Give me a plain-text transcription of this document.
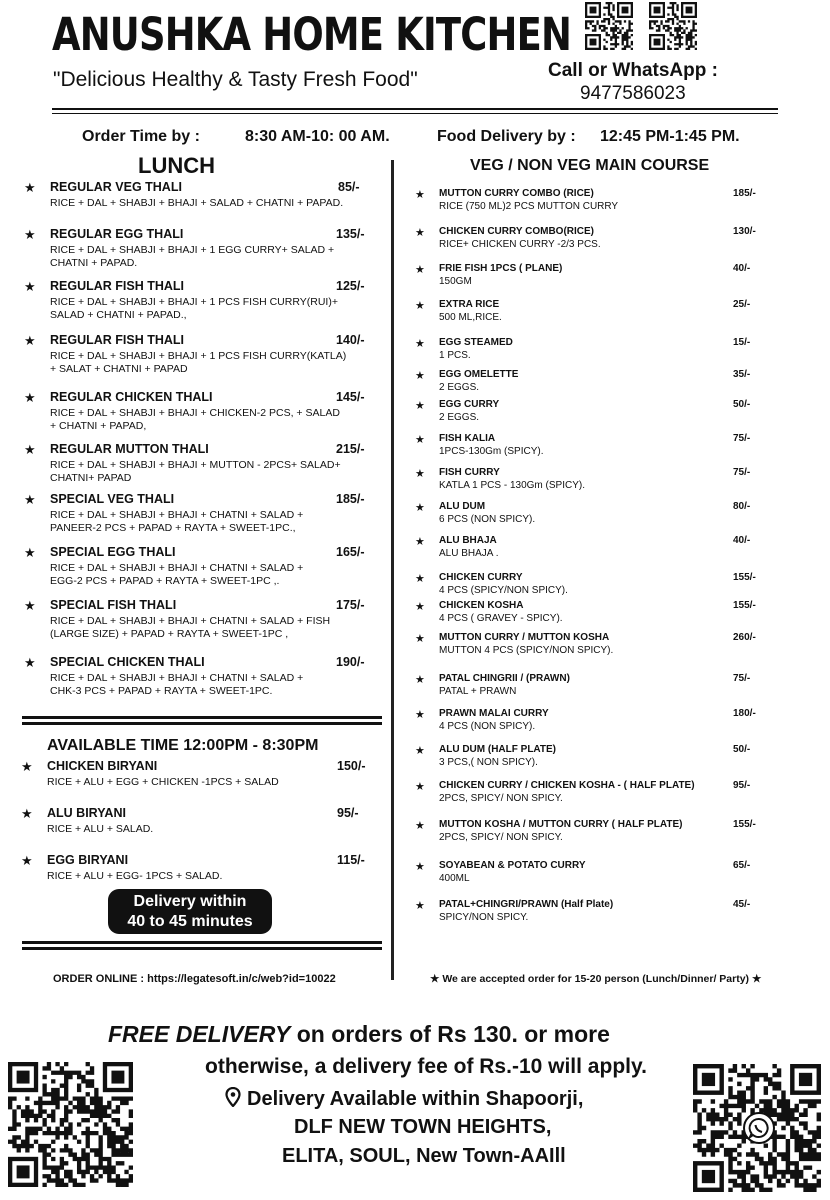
ANUSHKA HOME KITCHEN
"Delicious Healthy & Tasty Fresh Food"	Call or WhatsApp :
9477586023
Order Time by :	8:30 AM-10: 00 AM.	Food Delivery by : 12:45 PM-1:45 PM.
LUNCH	VEG / NON VEG MAIN COURSE
★ REGULAR VEG THALI	85/-
RICE + DAL + SHABJI + BHAJI + SALAD + CHATNI + PAPAD.
★ REGULAR EGG THALI	135/-
RICE + DAL + SHABJI + BHAJI + 1 EGG CURRY+ SALAD +
CHATNI + PAPAD.
★ REGULAR FISH THALI	125/-
RICE + DAL + SHABJI + BHAJI + 1 PCS FISH CURRY(RUI)+
SALAD + CHATNI + PAPAD.,
★ REGULAR FISH THALI	140/-
RICE + DAL + SHABJI + BHAJI + 1 PCS FISH CURRY(KATLA)
+ SALAT + CHATNI + PAPAD
★ REGULAR CHICKEN THALI	145/-
RICE + DAL + SHABJI + BHAJI + CHICKEN-2 PCS, + SALAD
+ CHATNI + PAPAD,
★ REGULAR MUTTON THALI	215/-
RICE + DAL + SHABJI + BHAJI + MUTTON - 2PCS+ SALAD+
CHATNI+ PAPAD
★ SPECIAL VEG THALI	185/-
RICE + DAL + SHABJI + BHAJI + CHATNI + SALAD +
PANEER-2 PCS + PAPAD + RAYTA + SWEET-1PC.,
★ SPECIAL EGG THALI	165/-
RICE + DAL + SHABJI + BHAJI + CHATNI + SALAD +
EGG-2 PCS + PAPAD + RAYTA + SWEET-1PC ,.
★ SPECIAL FISH THALI	175/-
RICE + DAL + SHABJI + BHAJI + CHATNI + SALAD + FISH
(LARGE SIZE) + PAPAD + RAYTA + SWEET-1PC ,
★ SPECIAL CHICKEN THALI	190/-
RICE + DAL + SHABJI + BHAJI + CHATNI + SALAD +
CHK-3 PCS + PAPAD + RAYTA + SWEET-1PC.
AVAILABLE TIME 12:00PM - 8:30PM
★ CHICKEN BIRYANI	150/-
RICE + ALU + EGG + CHICKEN -1PCS + SALAD
★ ALU BIRYANI	95/-
RICE + ALU + SALAD.
★ EGG BIRYANI	115/-
RICE + ALU + EGG- 1PCS + SALAD.
Delivery within
40 to 45 minutes
★ MUTTON CURRY COMBO (RICE)	185/-
RICE (750 ML)2 PCS MUTTON CURRY
★ CHICKEN CURRY COMBO(RICE)	130/-
RICE+ CHICKEN CURRY -2/3 PCS.
★ FRIE FISH 1PCS ( PLANE)	40/-
150GM
★ EXTRA RICE	25/-
500 ML,RICE.
★ EGG STEAMED	15/-
1 PCS.
★ EGG OMELETTE	35/-
2 EGGS.
★ EGG CURRY	50/-
2 EGGS.
★ FISH KALIA	75/-
1PCS-130Gm (SPICY).
★ FISH CURRY	75/-
KATLA 1 PCS - 130Gm (SPICY).
★ ALU DUM	80/-
6 PCS (NON SPICY).
★ ALU BHAJA	40/-
ALU BHAJA .
★ CHICKEN CURRY	155/-
4 PCS (SPICY/NON SPICY).
★ CHICKEN KOSHA	155/-
4 PCS ( GRAVEY - SPICY).
★ MUTTON CURRY / MUTTON KOSHA	260/-
MUTTON 4 PCS (SPICY/NON SPICY).
★ PATAL CHINGRII / (PRAWN)	75/-
PATAL + PRAWN
★ PRAWN MALAI CURRY	180/-
4 PCS (NON SPICY).
★ ALU DUM (HALF PLATE)	50/-
3 PCS,( NON SPICY).
★ CHICKEN CURRY / CHICKEN KOSHA - ( HALF PLATE)	95/-
2PCS, SPICY/ NON SPICY.
★ MUTTON KOSHA / MUTTON CURRY ( HALF PLATE)	155/-
2PCS, SPICY/ NON SPICY.
★ SOYABEAN & POTATO CURRY	65/-
400ML
★ PATAL+CHINGRI/PRAWN (Half Plate)	45/-
SPICY/NON SPICY.
ORDER ONLINE : https://legatesoft.in/c/web?id=10022	★ We are accepted order for 15-20 person (Lunch/Dinner/ Party) ★
FREE DELIVERY on orders of Rs 130. or more
otherwise, a delivery fee of Rs.-10 will apply.
Delivery Available within Shapoorji,
DLF NEW TOWN HEIGHTS,
ELITA, SOUL, New Town-AAIll
